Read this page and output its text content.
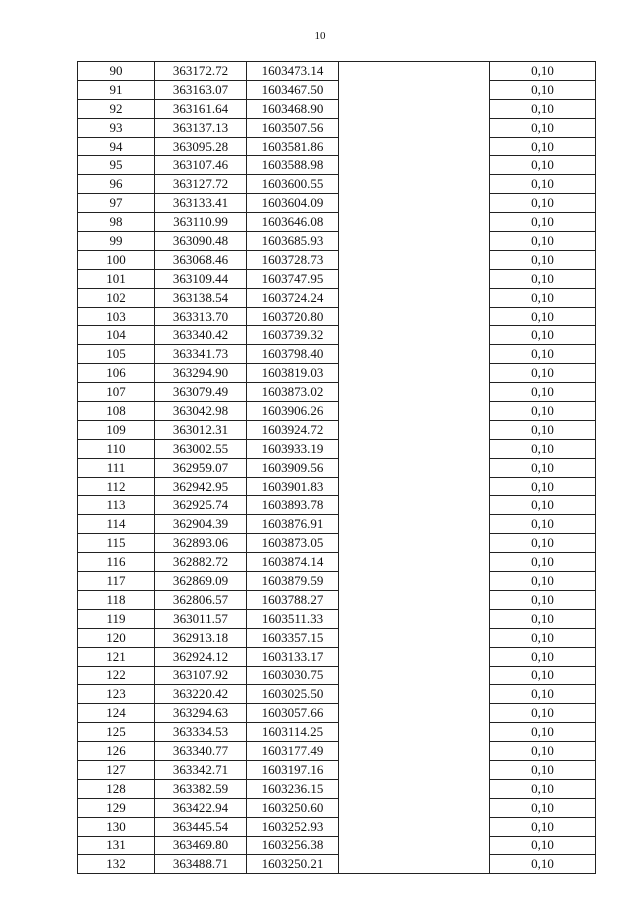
10
90	363172.72	1603473.14		0,10
91	363163.07	1603467.50		0,10
92	363161.64	1603468.90		0,10
93	363137.13	1603507.56		0,10
94	363095.28	1603581.86		0,10
95	363107.46	1603588.98		0,10
96	363127.72	1603600.55		0,10
97	363133.41	1603604.09		0,10
98	363110.99	1603646.08		0,10
99	363090.48	1603685.93		0,10
100	363068.46	1603728.73		0,10
101	363109.44	1603747.95		0,10
102	363138.54	1603724.24		0,10
103	363313.70	1603720.80		0,10
104	363340.42	1603739.32		0,10
105	363341.73	1603798.40		0,10
106	363294.90	1603819.03		0,10
107	363079.49	1603873.02		0,10
108	363042.98	1603906.26		0,10
109	363012.31	1603924.72		0,10
110	363002.55	1603933.19		0,10
111	362959.07	1603909.56		0,10
112	362942.95	1603901.83		0,10
113	362925.74	1603893.78		0,10
114	362904.39	1603876.91		0,10
115	362893.06	1603873.05		0,10
116	362882.72	1603874.14		0,10
117	362869.09	1603879.59		0,10
118	362806.57	1603788.27		0,10
119	363011.57	1603511.33		0,10
120	362913.18	1603357.15		0,10
121	362924.12	1603133.17		0,10
122	363107.92	1603030.75		0,10
123	363220.42	1603025.50		0,10
124	363294.63	1603057.66		0,10
125	363334.53	1603114.25		0,10
126	363340.77	1603177.49		0,10
127	363342.71	1603197.16		0,10
128	363382.59	1603236.15		0,10
129	363422.94	1603250.60		0,10
130	363445.54	1603252.93		0,10
131	363469.80	1603256.38		0,10
132	363488.71	1603250.21		0,10
